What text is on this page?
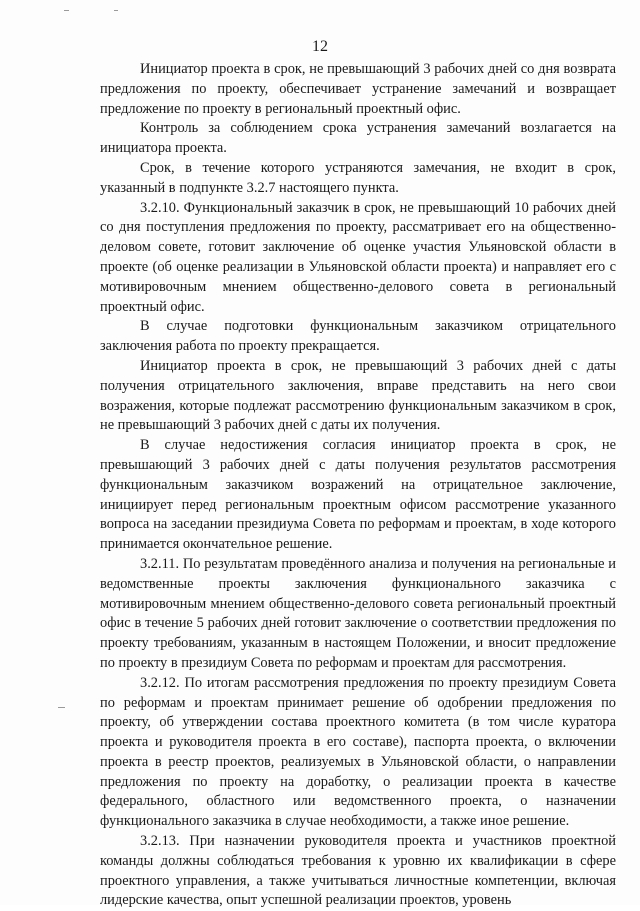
12

Инициатор проекта в срок, не превышающий 3 рабочих дней со дня возврата предложения по проекту, обеспечивает устранение замечаний и возвращает предложение по проекту в региональный проектный офис.

Контроль за соблюдением срока устранения замечаний возлагается на инициатора проекта.

Срок, в течение которого устраняются замечания, не входит в срок, указанный в подпункте 3.2.7 настоящего пункта.

3.2.10. Функциональный заказчик в срок, не превышающий 10 рабочих дней со дня поступления предложения по проекту, рассматривает его на общественно-деловом совете, готовит заключение об оценке участия Ульяновской области в проекте (об оценке реализации в Ульяновской области проекта) и направляет его с мотивировочным мнением общественно-делового совета в региональный проектный офис.

В случае подготовки функциональным заказчиком отрицательного заключения работа по проекту прекращается.

Инициатор проекта в срок, не превышающий 3 рабочих дней с даты получения отрицательного заключения, вправе представить на него свои возражения, которые подлежат рассмотрению функциональным заказчиком в срок, не превышающий 3 рабочих дней с даты их получения.

В случае недостижения согласия инициатор проекта в срок, не превышающий 3 рабочих дней с даты получения результатов рассмотрения функциональным заказчиком возражений на отрицательное заключение, инициирует перед региональным проектным офисом рассмотрение указанного вопроса на заседании президиума Совета по реформам и проектам, в ходе которого принимается окончательное решение.

3.2.11. По результатам проведённого анализа и получения на региональные и ведомственные проекты заключения функционального заказчика с мотивировочным мнением общественно-делового совета региональный проектный офис в течение 5 рабочих дней готовит заключение о соответствии предложения по проекту требованиям, указанным в настоящем Положении, и вносит предложение по проекту в президиум Совета по реформам и проектам для рассмотрения.

3.2.12. По итогам рассмотрения предложения по проекту президиум Совета по реформам и проектам принимает решение об одобрении предложения по проекту, об утверждении состава проектного комитета (в том числе куратора проекта и руководителя проекта в его составе), паспорта проекта, о включении проекта в реестр проектов, реализуемых в Ульяновской области, о направлении предложения по проекту на доработку, о реализации проекта в качестве федерального, областного или ведомственного проекта, о назначении функционального заказчика в случае необходимости, а также иное решение.

3.2.13. При назначении руководителя проекта и участников проектной команды должны соблюдаться требования к уровню их квалификации в сфере проектного управления, а также учитываться личностные компетенции, включая лидерские качества, опыт успешной реализации проектов, уровень
